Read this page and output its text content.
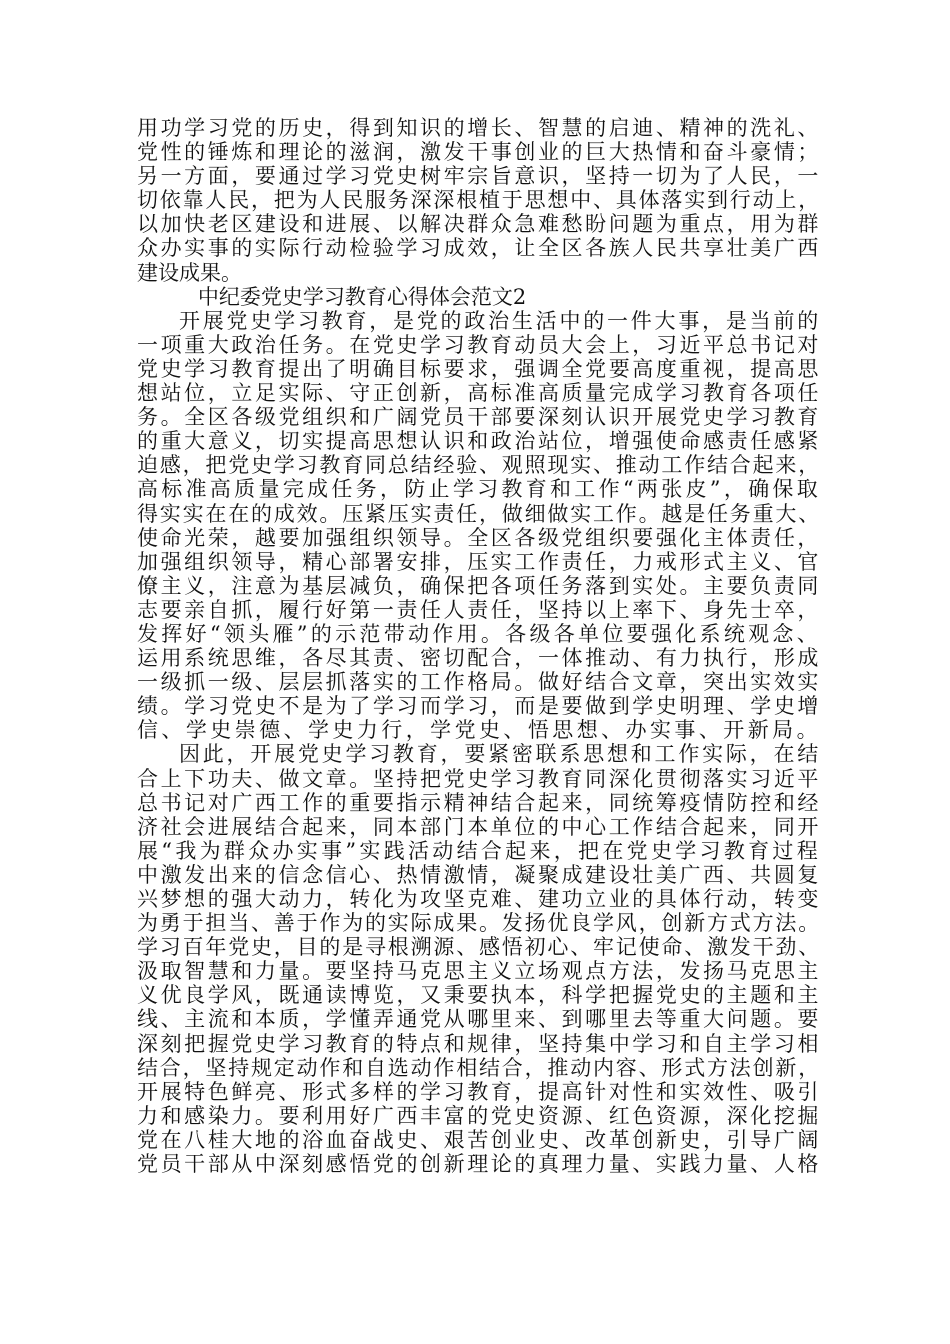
用功学习党的历史，得到知识的增长、智慧的启迪、精神的洗礼、
党性的锤炼和理论的滋润，激发干事创业的巨大热情和奋斗豪情；
另一方面，要通过学习党史树牢宗旨意识，坚持一切为了人民，一
切依靠人民，把为人民服务深深根植于思想中、具体落实到行动上，
以加快老区建设和进展、以解决群众急难愁盼问题为重点，用为群
众办实事的实际行动检验学习成效，让全区各族人民共享壮美广西
建设成果。
中纪委党史学习教育心得体会范文2
开展党史学习教育，是党的政治生活中的一件大事，是当前的
一项重大政治任务。在党史学习教育动员大会上，习近平总书记对
党史学习教育提出了明确目标要求，强调全党要高度重视，提高思
想站位，立足实际、守正创新，高标准高质量完成学习教育各项任
务。全区各级党组织和广阔党员干部要深刻认识开展党史学习教育
的重大意义，切实提高思想认识和政治站位，增强使命感责任感紧
迫感，把党史学习教育同总结经验、观照现实、推动工作结合起来，
高标准高质量完成任务，防止学习教育和工作“两张皮”，确保取
得实实在在的成效。压紧压实责任，做细做实工作。越是任务重大、
使命光荣，越要加强组织领导。全区各级党组织要强化主体责任，
加强组织领导，精心部署安排，压实工作责任，力戒形式主义、官
僚主义，注意为基层减负，确保把各项任务落到实处。主要负责同
志要亲自抓，履行好第一责任人责任，坚持以上率下、身先士卒，
发挥好“领头雁”的示范带动作用。各级各单位要强化系统观念、
运用系统思维，各尽其责、密切配合，一体推动、有力执行，形成
一级抓一级、层层抓落实的工作格局。做好结合文章，突出实效实
绩。学习党史不是为了学习而学习，而是要做到学史明理、学史增
信、学史崇德、学史力行，学党史、悟思想、办实事、开新局。
因此，开展党史学习教育，要紧密联系思想和工作实际，在结
合上下功夫、做文章。坚持把党史学习教育同深化贯彻落实习近平
总书记对广西工作的重要指示精神结合起来，同统筹疫情防控和经
济社会进展结合起来，同本部门本单位的中心工作结合起来，同开
展“我为群众办实事”实践活动结合起来，把在党史学习教育过程
中激发出来的信念信心、热情激情，凝聚成建设壮美广西、共圆复
兴梦想的强大动力，转化为攻坚克难、建功立业的具体行动，转变
为勇于担当、善于作为的实际成果。发扬优良学风，创新方式方法。
学习百年党史，目的是寻根溯源、感悟初心、牢记使命、激发干劲、
汲取智慧和力量。要坚持马克思主义立场观点方法，发扬马克思主
义优良学风，既通读博览，又秉要执本，科学把握党史的主题和主
线、主流和本质，学懂弄通党从哪里来、到哪里去等重大问题。要
深刻把握党史学习教育的特点和规律，坚持集中学习和自主学习相
结合，坚持规定动作和自选动作相结合，推动内容、形式方法创新，
开展特色鲜亮、形式多样的学习教育，提高针对性和实效性、吸引
力和感染力。要利用好广西丰富的党史资源、红色资源，深化挖掘
党在八桂大地的浴血奋战史、艰苦创业史、改革创新史，引导广阔
党员干部从中深刻感悟党的创新理论的真理力量、实践力量、人格
